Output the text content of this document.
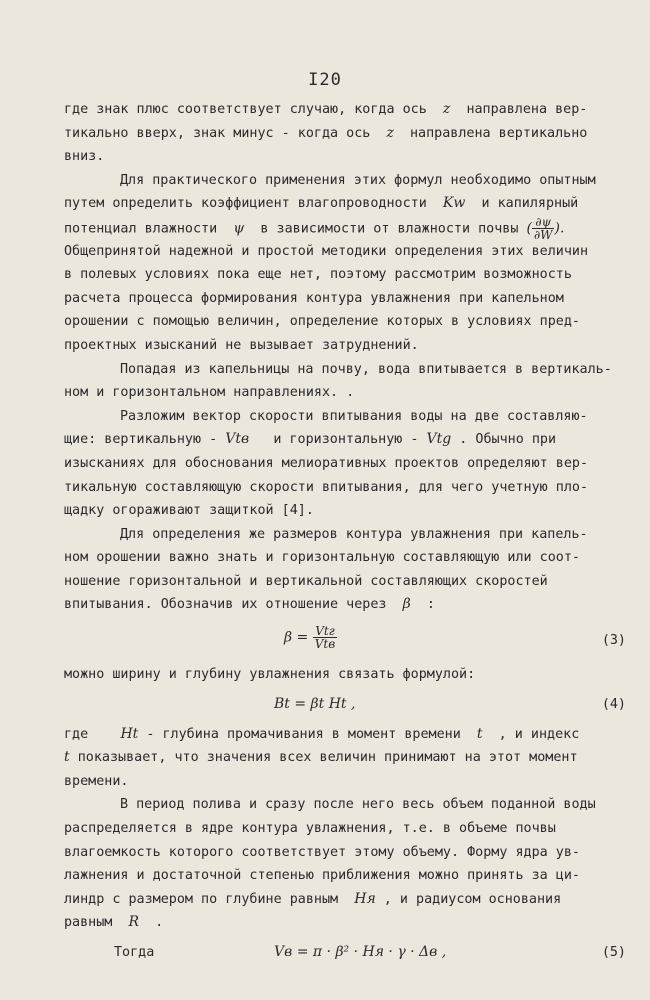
I20
где знак плюс соответствует случаю, когда ось z направлена вер-
тикально вверх, знак минус - когда ось z направлена вертикально
вниз.
Для практического применения этих формул необходимо опытным
путем определить коэффициент влагопроводности Kw и капилярный
потенциал влажности ψ в зависимости от влажности почвы ( $\frac{\partial\psi}{\partial W}$ ).
Общепринятой надежной и простой методики определения этих величин
в полевых условиях пока еще нет, поэтому рассмотрим возможность
расчета процесса формирования контура увлажнения при капельном
орошении с помощью величин, определение которых в условиях пред-
проектных изысканий не вызывает затруднений.
Попадая из капельницы на почву, вода впитывается в вертикаль-
ном и горизонтальном направлениях. .
Разложим вектор скорости впитывания воды на две составляю-
щие: вертикальную - Vtв и горизонтальную - Vtg . Обычно при
изысканиях для обоснования мелиоративных проектов определяют вер-
тикальную составляющую скорости впитывания, для чего учетную пло-
щадку огораживают защиткой [4].
Для определения же размеров контура увлажнения при капель-
ном орошении важно знать и горизонтальную составляющую или соот-
ношение горизонтальной и вертикальной составляющих скоростей
впитывания. Обозначив их отношение через β :
$\beta = \frac{\text{Vtг}}{\text{Vtв}}$	(3)
можно ширину и глубину увлажнения связать формулой:
Bt = βt Ht ,	(4)
где Ht - глубина промачивания в момент времени t , и индекс
t показывает, что значения всех величин принимают на этот момент
времени.
В период полива и сразу после него весь объем поданной воды
распределяется в ядре контура увлажнения, т.е. в объеме почвы
влагоемкость которого соответствует этому объему. Форму ядра ув-
лажнения и достаточной степенью приближения можно принять за ци-
линдр с размером по глубине равным Hя , и радиусом основания
равным R  .
Тогда	Vв = π · β² · Hя · γ · Δв ,	(5)
